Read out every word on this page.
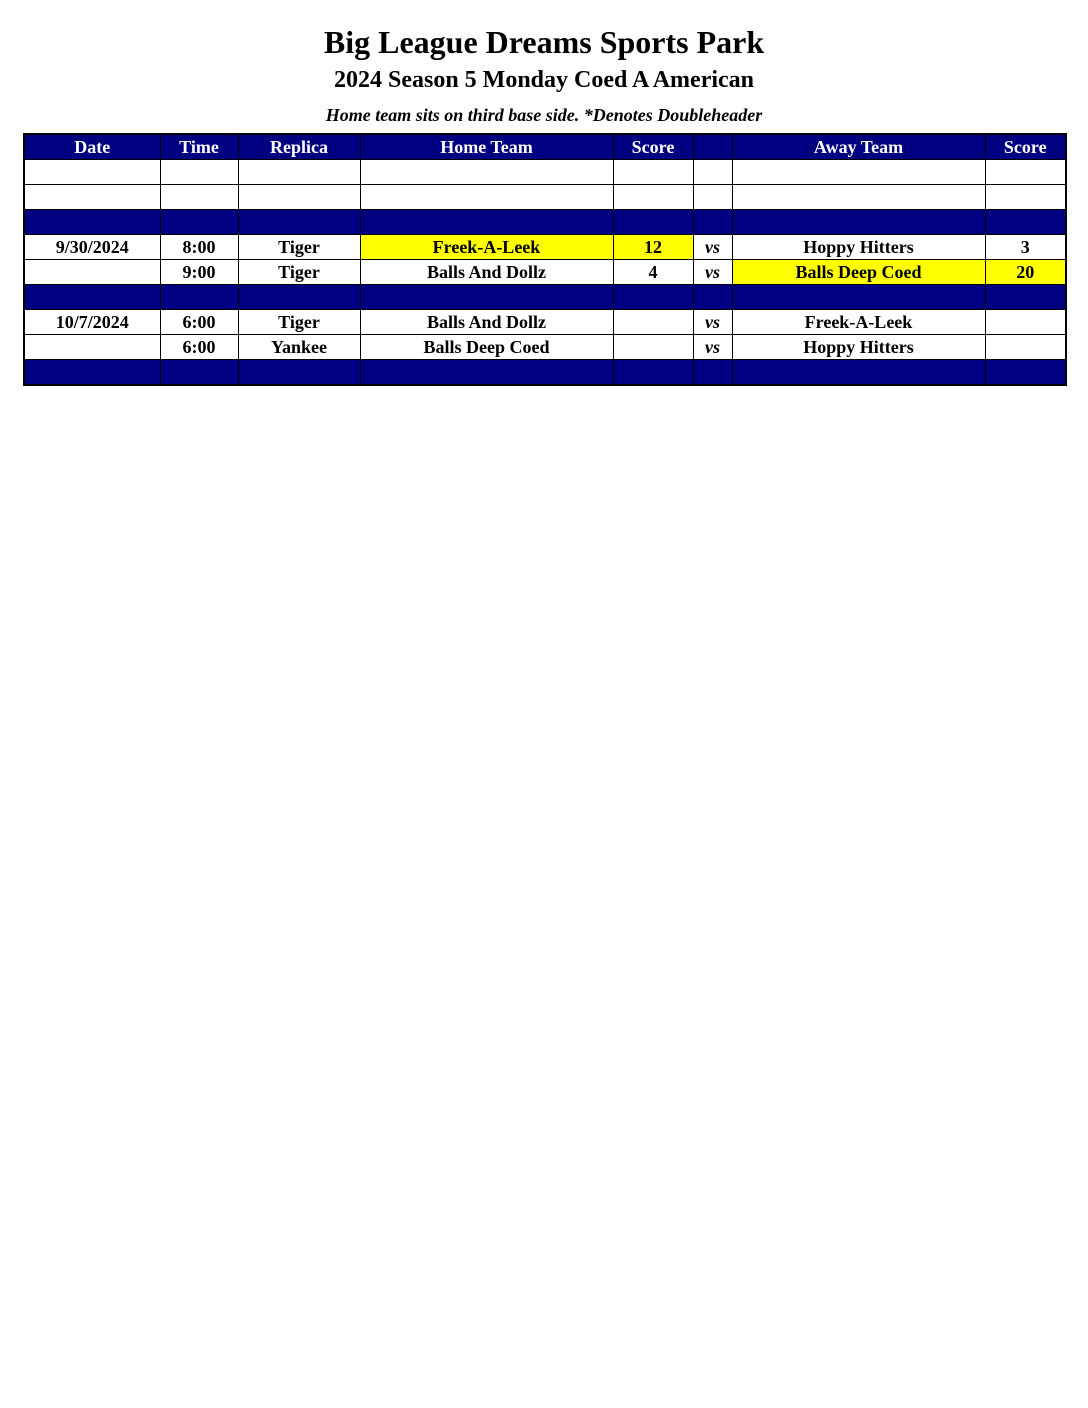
Big League Dreams Sports Park
2024 Season 5 Monday Coed A American
Home team sits on third base side. *Denotes Doubleheader
Date	Time	Replica	Home Team	Score		Away Team	Score

9/30/2024	8:00	Tiger	Freek-A-Leek	12	vs	Hoppy Hitters	3
	9:00	Tiger	Balls And Dollz	4	vs	Balls Deep Coed	20

10/7/2024	6:00	Tiger	Balls And Dollz		vs	Freek-A-Leek	
	6:00	Yankee	Balls Deep Coed		vs	Hoppy Hitters	
